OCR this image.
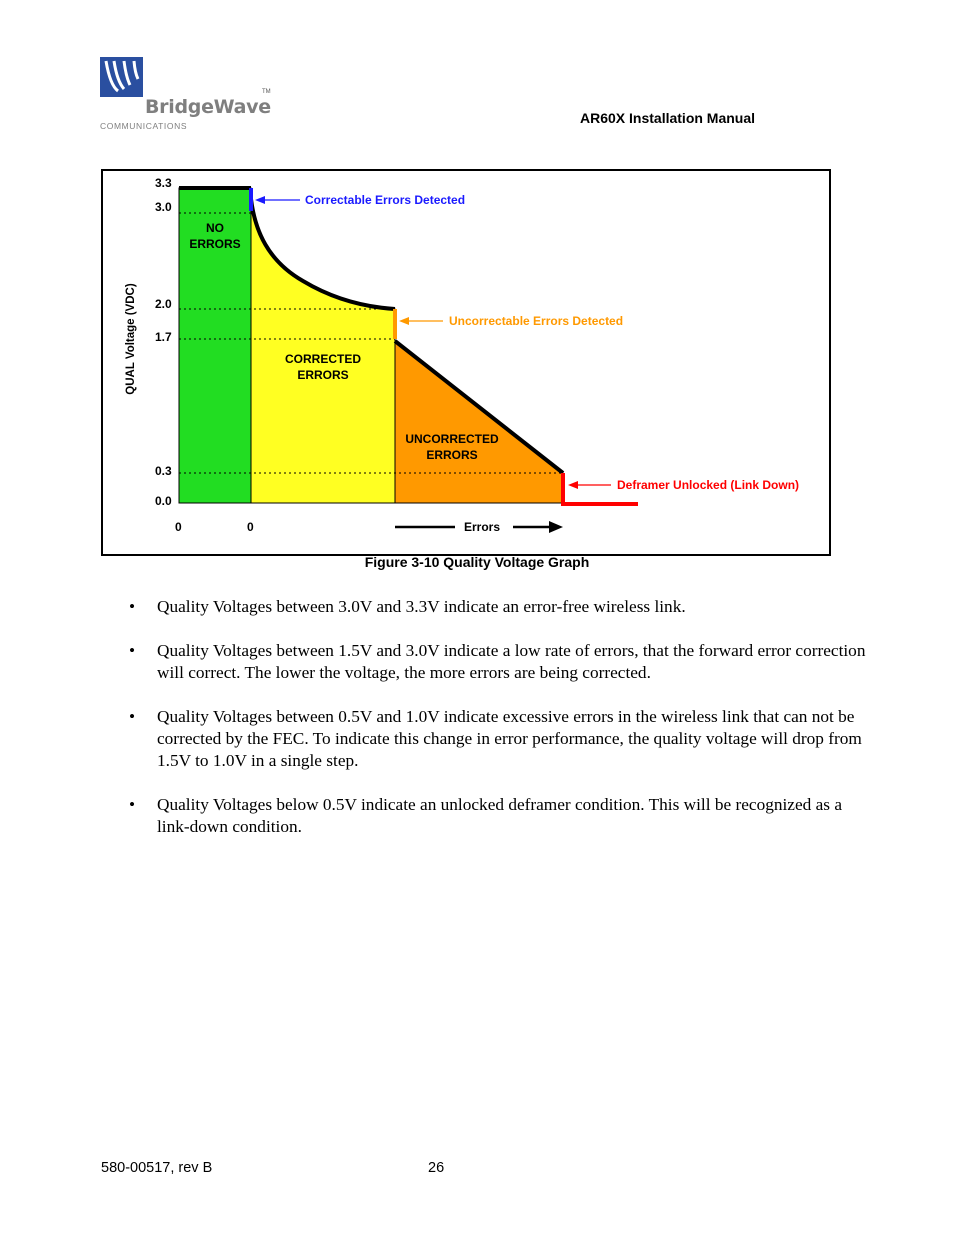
BridgeWave
TM
COMMUNICATIONS	AR60X Installation Manual
3.3
3.0
2.0
1.7
0.3
0.0
0	0	Errors
QUAL Voltage (VDC)
NO
ERRORS
CORRECTED
ERRORS
UNCORRECTED
ERRORS
Correctable Errors Detected
Uncorrectable Errors Detected
Deframer Unlocked (Link Down)
Figure 3-10 Quality Voltage Graph
• Quality Voltages between 3.0V and 3.3V indicate an error-free wireless link.
• Quality Voltages between 1.5V and 3.0V indicate a low rate of errors, that the forward error correction will correct. The lower the voltage, the more errors are being corrected.
• Quality Voltages between 0.5V and 1.0V indicate excessive errors in the wireless link that can not be corrected by the FEC. To indicate this change in error performance, the quality voltage will drop from 1.5V to 1.0V in a single step.
• Quality Voltages below 0.5V indicate an unlocked deframer condition. This will be recognized as a link-down condition.
580-00517, rev B	26
